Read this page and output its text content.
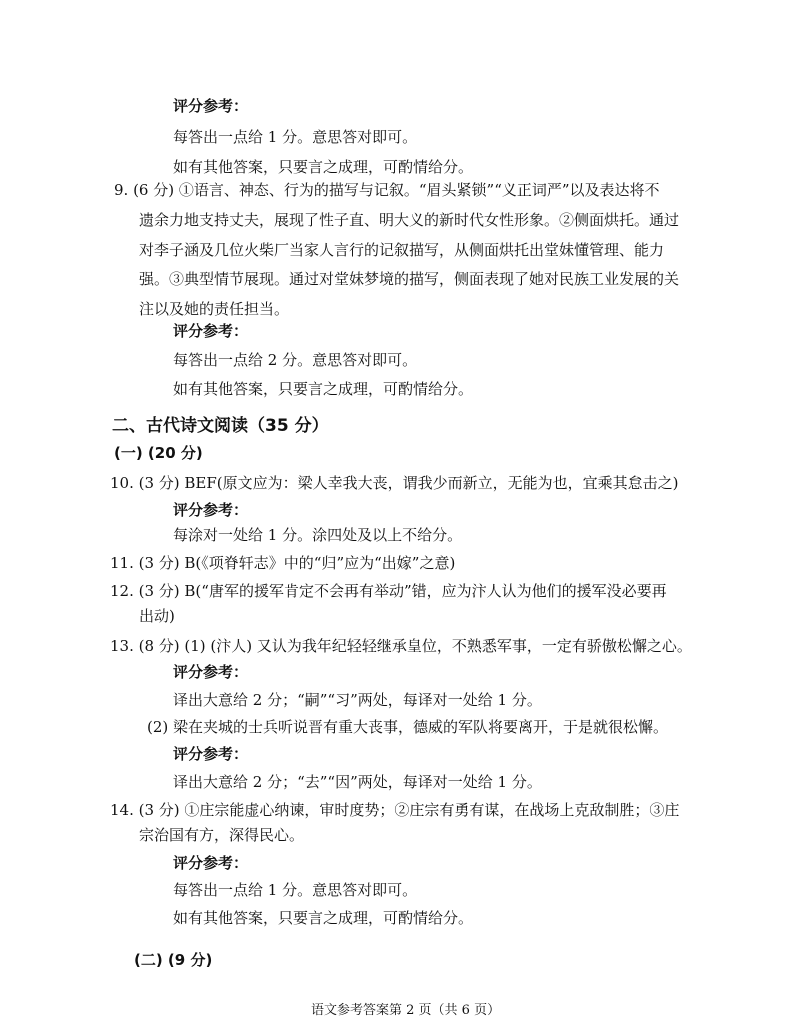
评分参考：
每答出一点给 1 分。意思答对即可。
如有其他答案，只要言之成理，可酌情给分。
9. (6 分) ①语言、神态、行为的描写与记叙。“眉头紧锁”“义正词严”以及表达将不
遗余力地支持丈夫，展现了性子直、明大义的新时代女性形象。②侧面烘托。通过
对李子涵及几位火柴厂当家人言行的记叙描写，从侧面烘托出堂妹懂管理、能力
强。③典型情节展现。通过对堂妹梦境的描写，侧面表现了她对民族工业发展的关
注以及她的责任担当。
评分参考：
每答出一点给 2 分。意思答对即可。
如有其他答案，只要言之成理，可酌情给分。
二、古代诗文阅读（35 分）
(一) (20 分)
10. (3 分) BEF(原文应为：梁人幸我大丧，谓我少而新立，无能为也，宜乘其怠击之)
评分参考：
每涂对一处给 1 分。涂四处及以上不给分。
11. (3 分) B(《项脊轩志》中的“归”应为“出嫁”之意)
12. (3 分) B(“唐军的援军肯定不会再有举动”错，应为汴人认为他们的援军没必要再
出动)
13. (8 分) (1) (汴人) 又认为我年纪轻轻继承皇位，不熟悉军事，一定有骄傲松懈之心。
评分参考：
译出大意给 2 分；“嗣”“习”两处，每译对一处给 1 分。
(2) 梁在夹城的士兵听说晋有重大丧事，德威的军队将要离开，于是就很松懈。
评分参考：
译出大意给 2 分；“去”“因”两处，每译对一处给 1 分。
14. (3 分) ①庄宗能虚心纳谏，审时度势；②庄宗有勇有谋，在战场上克敌制胜；③庄
宗治国有方，深得民心。
评分参考：
每答出一点给 1 分。意思答对即可。
如有其他答案，只要言之成理，可酌情给分。
(二) (9 分)
语文参考答案第 2 页（共 6 页）
